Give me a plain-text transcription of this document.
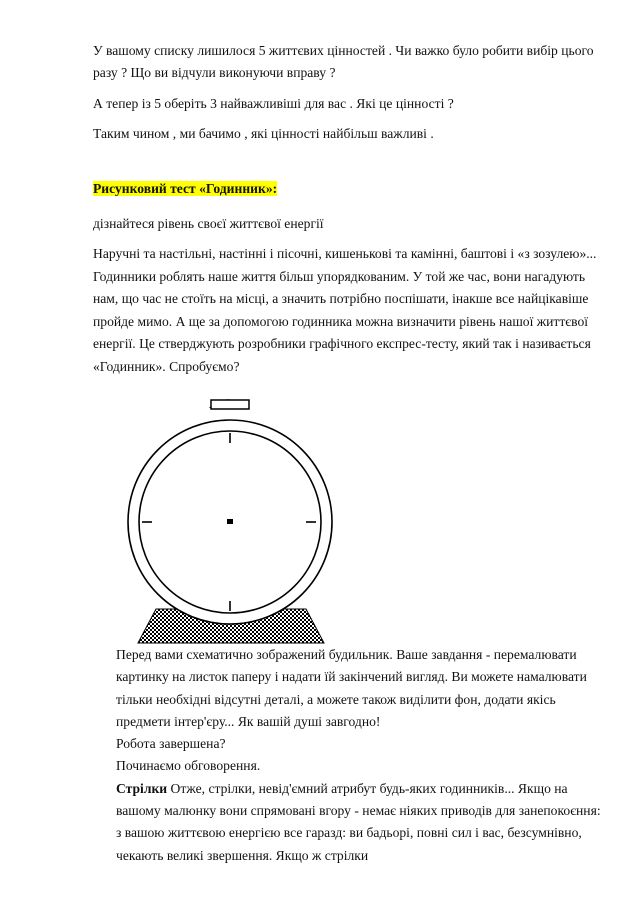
У вашому списку лишилося 5 життєвих цінностей . Чи важко було робити вибір цього разу ? Що ви відчули виконуючи вправу ?

А тепер із 5 оберіть 3 найважливіші для вас . Які це цінності ?

Таким чином , ми бачимо , які цінності найбільш важливі .

Рисунковий тест «Годинник»:

дізнайтеся рівень своєї життєвої енергії

Наручні та настільні, настінні і пісочні, кишенькові та камінні, баштові і «з зозулею»... Годинники роблять наше життя більш упорядкованим. У той же час, вони нагадують нам, що час не стоїть на місці, а значить потрібно поспішати, інакше все найцікавіше пройде мимо. А ще за допомогою годинника можна визначити рівень нашої життєвої енергії. Це стверджують розробники графічного експрес-тесту, який так і називається «Годинник». Спробуємо?

Перед вами схематично зображений будильник. Ваше завдання - перемалювати картинку на листок паперу і надати їй закінчений вигляд. Ви можете намалювати тільки необхідні відсутні деталі, а можете також виділити фон, додати якісь предмети інтер'єру... Як вашій душі завгодно!
Робота завершена?
Починаємо обговорення.
Стрілки Отже, стрілки, невід'ємний атрибут будь-яких годинників... Якщо на вашому малюнку вони спрямовані вгору - немає ніяких приводів для занепокоєння: з вашою життєвою енергією все гаразд: ви бадьорі, повні сил і вас, безсумнівно, чекають великі звершення. Якщо ж стрілки
